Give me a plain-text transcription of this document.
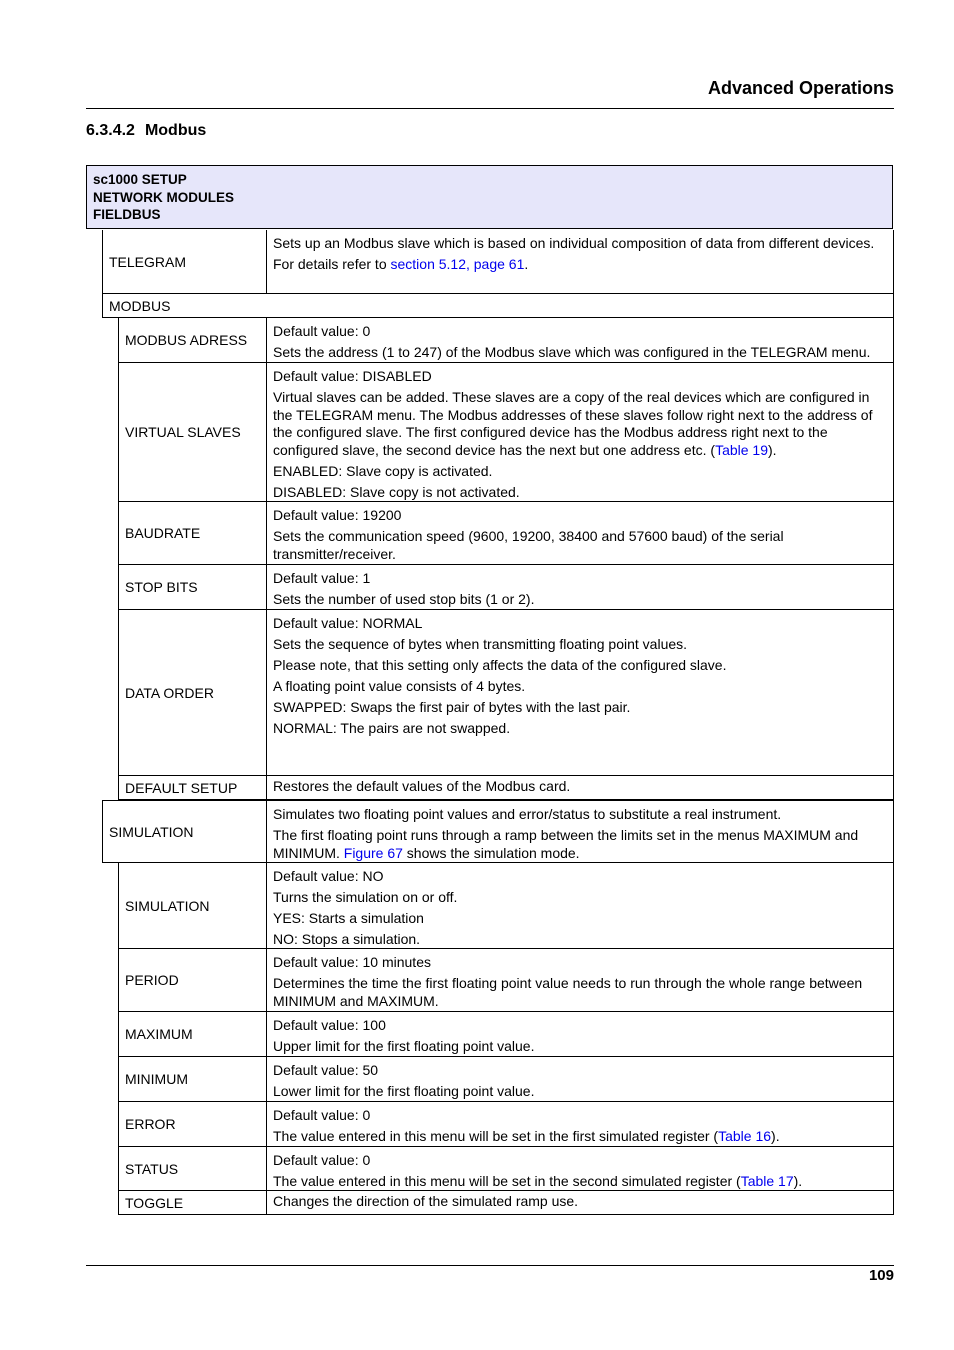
Advanced Operations
6.3.4.2 Modbus
sc1000 SETUP
NETWORK MODULES
FIELDBUS
TELEGRAM

Sets up an Modbus slave which is based on individual composition of data from different devices.

For details refer to section 5.12, page 61.

MODBUS
MODBUS ADRESS

Default value: 0

Sets the address (1 to 247) of the Modbus slave which was configured in the TELEGRAM menu.

VIRTUAL SLAVES

Default value: DISABLED

Virtual slaves can be added. These slaves are a copy of the real devices which are configured in the TELEGRAM menu. The Modbus addresses of these slaves follow right next to the address of the configured slave. The first configured device has the Modbus address right next to the configured slave, the second device has the next but one address etc. (Table 19).

ENABLED: Slave copy is activated.

DISABLED: Slave copy is not activated.

BAUDRATE

Default value: 19200

Sets the communication speed (9600, 19200, 38400 and 57600 baud) of the serial transmitter/receiver.

STOP BITS

Default value: 1

Sets the number of used stop bits (1 or 2).

DATA ORDER

Default value: NORMAL

Sets the sequence of bytes when transmitting floating point values.

Please note, that this setting only affects the data of the configured slave.

A floating point value consists of 4 bytes.

SWAPPED: Swaps the first pair of bytes with the last pair.

NORMAL: The pairs are not swapped.

DEFAULT SETUP	Restores the default values of the Modbus card.

SIMULATION

Simulates two floating point values and error/status to substitute a real instrument.

The first floating point runs through a ramp between the limits set in the menus MAXIMUM and MINIMUM. Figure 67 shows the simulation mode.

SIMULATION

Default value: NO

Turns the simulation on or off.

YES: Starts a simulation

NO: Stops a simulation.

PERIOD

Default value: 10 minutes

Determines the time the first floating point value needs to run through the whole range between MINIMUM and MAXIMUM.

MAXIMUM

Default value: 100

Upper limit for the first floating point value.

MINIMUM

Default value: 50

Lower limit for the first floating point value.

ERROR

Default value: 0

The value entered in this menu will be set in the first simulated register (Table 16).

STATUS

Default value: 0

The value entered in this menu will be set in the second simulated register (Table 17).

TOGGLE	Changes the direction of the simulated ramp use.

109
